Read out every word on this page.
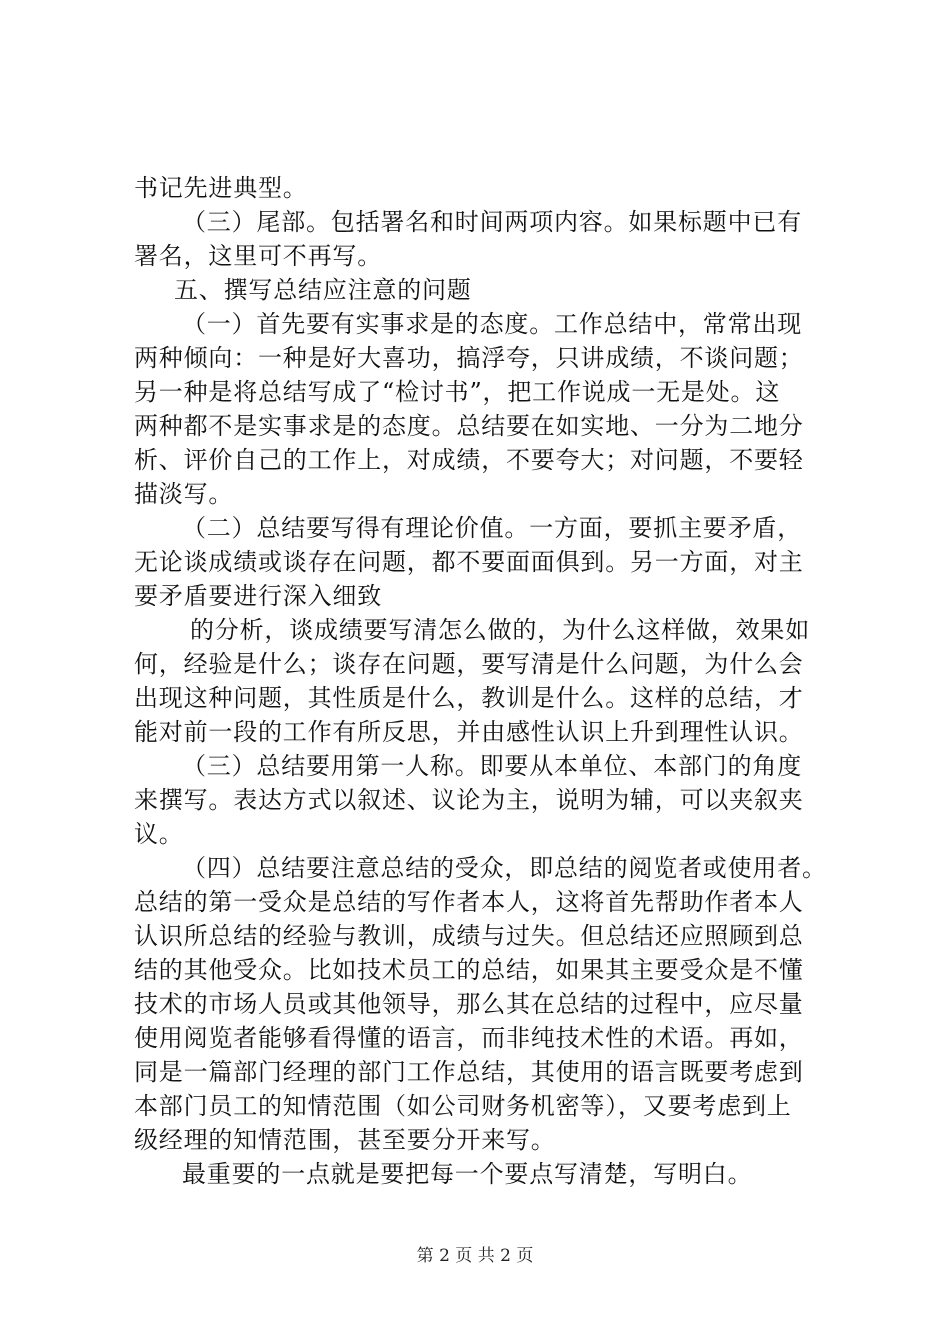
书记先进典型。
（三）尾部。包括署名和时间两项内容。如果标题中已有
署名，这里可不再写。
五、撰写总结应注意的问题
（一）首先要有实事求是的态度。工作总结中，常常出现
两种倾向：一种是好大喜功，搞浮夸，只讲成绩，不谈问题；
另一种是将总结写成了“检讨书”，把工作说成一无是处。这
两种都不是实事求是的态度。总结要在如实地、一分为二地分
析、评价自己的工作上，对成绩，不要夸大；对问题，不要轻
描淡写。
（二）总结要写得有理论价值。一方面，要抓主要矛盾，
无论谈成绩或谈存在问题，都不要面面俱到。另一方面，对主
要矛盾要进行深入细致
的分析，谈成绩要写清怎么做的，为什么这样做，效果如
何，经验是什么；谈存在问题，要写清是什么问题，为什么会
出现这种问题，其性质是什么，教训是什么。这样的总结，才
能对前一段的工作有所反思，并由感性认识上升到理性认识。
（三）总结要用第一人称。即要从本单位、本部门的角度
来撰写。表达方式以叙述、议论为主，说明为辅，可以夹叙夹
议。
（四）总结要注意总结的受众，即总结的阅览者或使用者。
总结的第一受众是总结的写作者本人，这将首先帮助作者本人
认识所总结的经验与教训，成绩与过失。但总结还应照顾到总
结的其他受众。比如技术员工的总结，如果其主要受众是不懂
技术的市场人员或其他领导，那么其在总结的过程中，应尽量
使用阅览者能够看得懂的语言，而非纯技术性的术语。再如，
同是一篇部门经理的部门工作总结，其使用的语言既要考虑到
本部门员工的知情范围（如公司财务机密等），又要考虑到上
级经理的知情范围，甚至要分开来写。
最重要的一点就是要把每一个要点写清楚，写明白。
第 2 页 共 2 页
